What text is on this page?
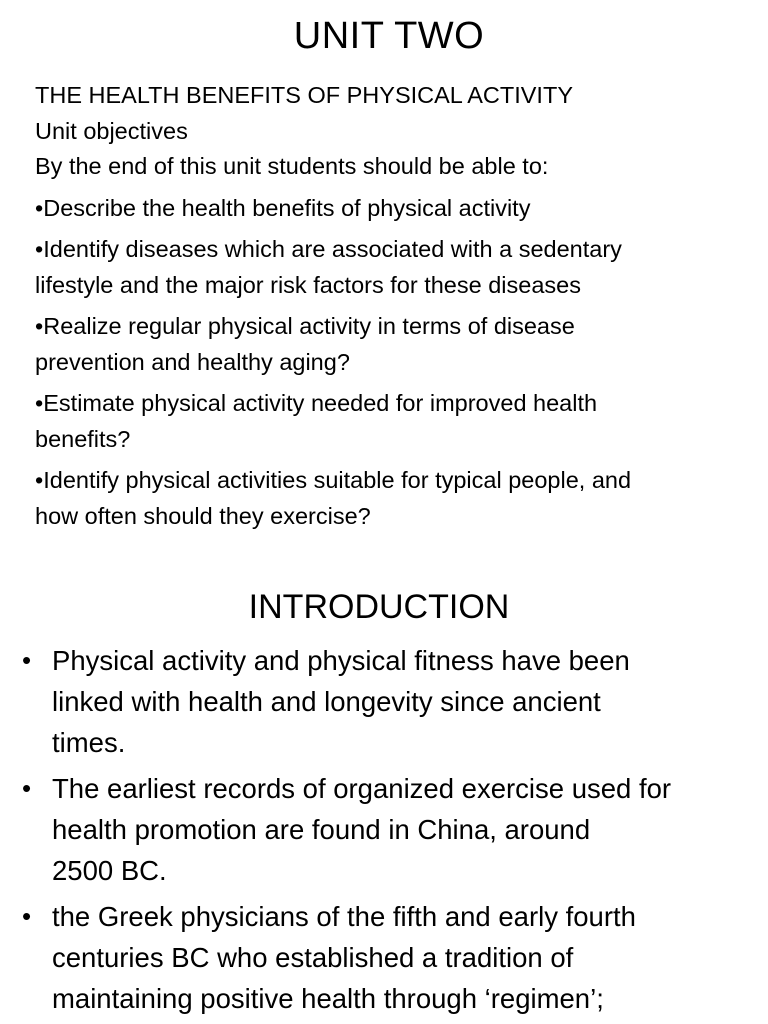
UNIT TWO

THE HEALTH BENEFITS OF PHYSICAL ACTIVITY

Unit objectives

By the end of this unit students should be able to:

•Describe the health benefits of physical activity
•Identify diseases which are associated with a sedentary
lifestyle and the major risk factors for these diseases
•Realize regular physical activity in terms of disease
prevention and healthy aging?
•Estimate physical activity needed for improved health
benefits?
•Identify physical activities suitable for typical people, and
how often should they exercise?
INTRODUCTION
• Physical activity and physical fitness have been
linked with health and longevity since ancient
times.
• The earliest records of organized exercise used for
health promotion are found in China, around
2500 BC.
• the Greek physicians of the fifth and early fourth
centuries BC who established a tradition of
maintaining positive health through ‘regimen’;
